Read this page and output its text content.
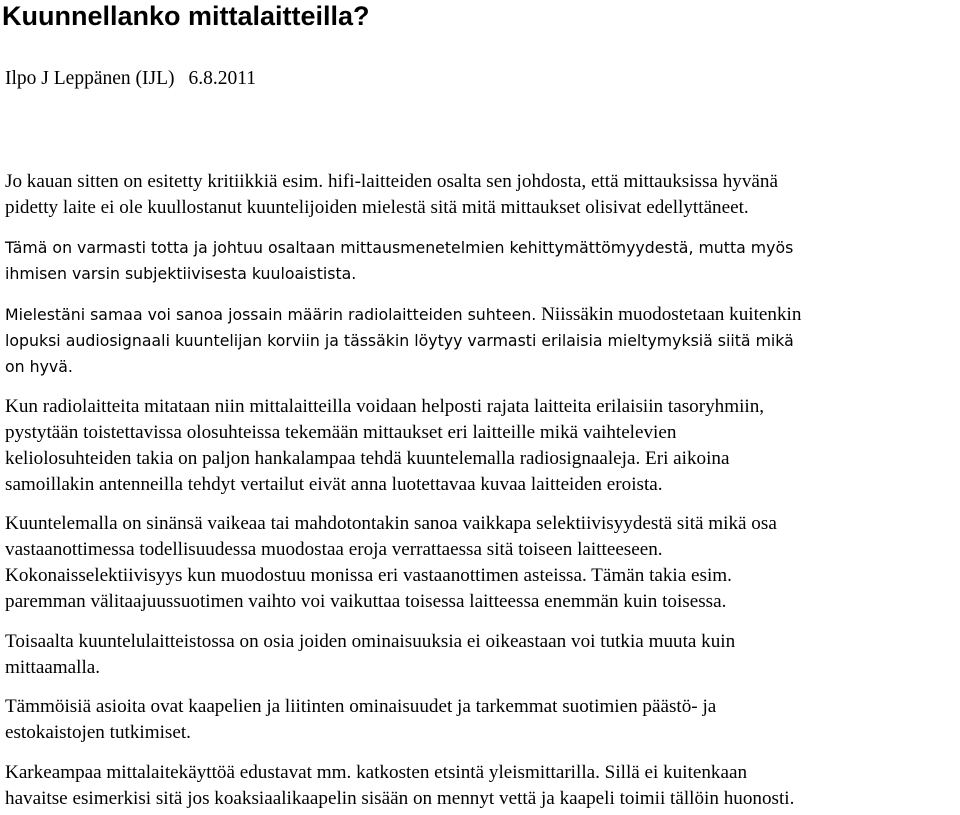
Kuunnellanko mittalaitteilla?
Ilpo J Leppänen (IJL) 6.8.2011

Jo kauan sitten on esitetty kritiikkiä esim. hifi-laitteiden osalta sen johdosta, että mittauksissa hyvänä
pidetty laite ei ole kuullostanut kuuntelijoiden mielestä sitä mitä mittaukset olisivat edellyttäneet.

Tämä on varmasti totta ja johtuu osaltaan mittausmenetelmien kehittymättömyydestä, mutta myös
ihmisen varsin subjektiivisesta kuuloaistista.

Mielestäni samaa voi sanoa jossain määrin radiolaitteiden suhteen. Niissäkin muodostetaan kuitenkin
lopuksi audiosignaali kuuntelijan korviin ja tässäkin löytyy varmasti erilaisia mieltymyksiä siitä mikä
on hyvä.

Kun radiolaitteita mitataan niin mittalaitteilla voidaan helposti rajata laitteita erilaisiin tasoryhmiin,
pystytään toistettavissa olosuhteissa tekemään mittaukset eri laitteille mikä vaihtelevien
keliolosuhteiden takia on paljon hankalampaa tehdä kuuntelemalla radiosignaaleja. Eri aikoina
samoillakin antenneilla tehdyt vertailut eivät anna luotettavaa kuvaa laitteiden eroista.

Kuuntelemalla on sinänsä vaikeaa tai mahdotontakin sanoa vaikkapa selektiivisyydestä sitä mikä osa
vastaanottimessa todellisuudessa muodostaa eroja verrattaessa sitä toiseen laitteeseen.
Kokonaisselektiivisyys kun muodostuu monissa eri vastaanottimen asteissa. Tämän takia esim.
paremman välitaajuussuotimen vaihto voi vaikuttaa toisessa laitteessa enemmän kuin toisessa.

Toisaalta kuuntelulaitteistossa on osia joiden ominaisuuksia ei oikeastaan voi tutkia muuta kuin
mittaamalla.

Tämmöisiä asioita ovat kaapelien ja liitinten ominaisuudet ja tarkemmat suotimien päästö- ja
estokaistojen tutkimiset.

Karkeampaa mittalaitekäyttöä edustavat mm. katkosten etsintä yleismittarilla. Sillä ei kuitenkaan
havaitse esimerkisi sitä jos koaksiaalikaapelin sisään on mennyt vettä ja kaapeli toimii tällöin huonosti.
